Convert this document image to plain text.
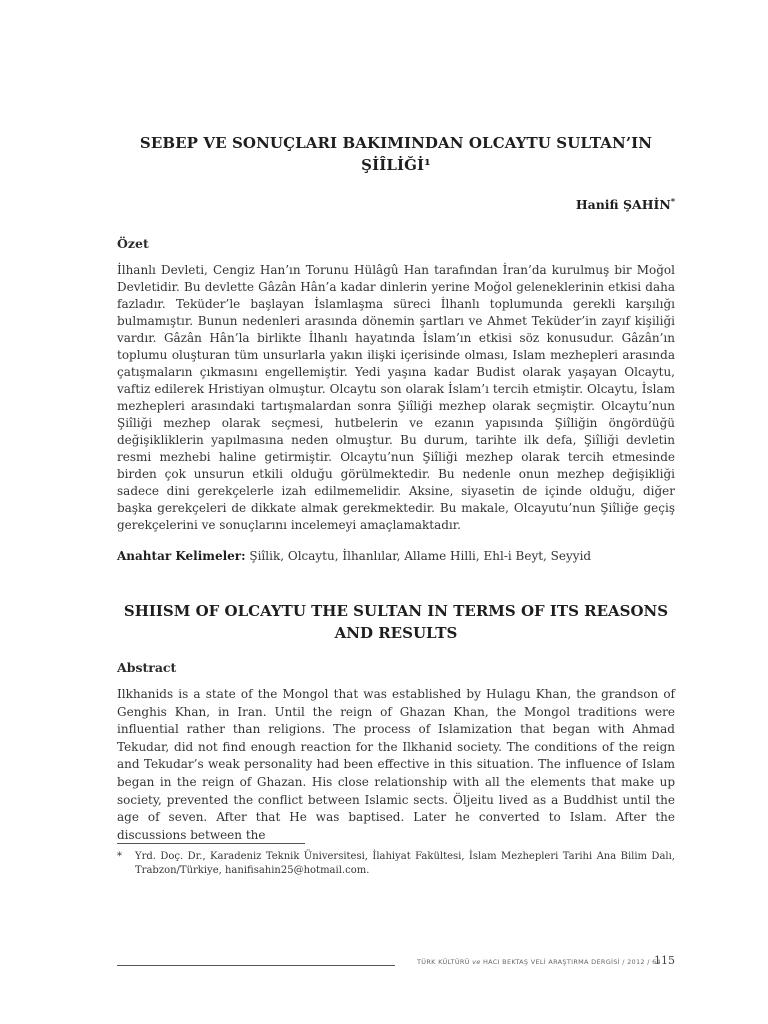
SEBEP VE SONUÇLARI BAKIMINDAN OLCAYTU SULTAN’IN
ŞİÎLİĞİ¹
Hanifi ŞAHİN*
Özet
İlhanlı Devleti, Cengiz Han’ın Torunu Hülâgû Han tarafından İran’da kurulmuş bir Moğol Devletidir. Bu devlette Gâzân Hân’a kadar dinlerin yerine Moğol geleneklerinin etkisi daha fazladır. Teküder’le başlayan İslamlaşma süreci İlhanlı toplumunda gerekli karşılığı bulmamıştır. Bunun nedenleri arasında dönemin şartları ve Ahmet Teküder’in zayıf kişiliği vardır. Gâzân Hân’la birlikte İlhanlı hayatında İslam’ın etkisi söz konusudur. Gâzân’ın toplumu oluşturan tüm unsurlarla yakın ilişki içerisinde olması, Islam mezhepleri arasında çatışmaların çıkmasını engellemiştir. Yedi yaşına kadar Budist olarak yaşayan Olcaytu, vaftiz edilerek Hristiyan olmuştur. Olcaytu son olarak İslam’ı tercih etmiştir. Olcaytu, İslam mezhepleri arasındaki tartışmalardan sonra Şiîliği mezhep olarak seçmiştir. Olcaytu’nun Şiîliği mezhep olarak seçmesi, hutbelerin ve ezanın yapısında Şiîliğin öngördüğü değişikliklerin yapılmasına neden olmuştur. Bu durum, tarihte ilk defa, Şiîliği devletin resmi mezhebi haline getirmiştir. Olcaytu’nun Şiîliği mezhep olarak tercih etmesinde birden çok unsurun etkili olduğu görülmektedir. Bu nedenle onun mezhep değişikliği sadece dini gerekçelerle izah edilmemelidir. Aksine, siyasetin de içinde olduğu, diğer başka gerekçeleri de dikkate almak gerekmektedir. Bu makale, Olcayutu’nun Şiîliğe geçiş gerekçelerini ve sonuçlarını incelemeyi amaçlamaktadır.
Anahtar Kelimeler: Şiîlik, Olcaytu, İlhanlılar, Allame Hilli, Ehl-i Beyt, Seyyid
SHIISM OF OLCAYTU THE SULTAN IN TERMS OF ITS REASONS
AND RESULTS
Abstract
Ilkhanids is a state of the Mongol that was established by Hulagu Khan, the grandson of Genghis Khan, in Iran. Until the reign of Ghazan Khan, the Mongol traditions were influential rather than religions. The process of Islamization that began with Ahmad Tekudar, did not find enough reaction for the Ilkhanid society. The conditions of the reign and Tekudar’s weak personality had been effective in this situation. The influence of Islam began in the reign of Ghazan. His close relationship with all the elements that make up society, prevented the conflict between Islamic sects. Öljeitu lived as a Buddhist until the age of seven. After that He was baptised. Later he converted to Islam. After the discussions between the
* Yrd. Doç. Dr., Karadeniz Teknik Üniversitesi, İlahiyat Fakültesi, İslam Mezhepleri Tarihi Ana Bilim Dalı, Trabzon/Türkiye, hanifisahin25@hotmail.com.
TÜRK KÜLTÜRÜ ve HACI BEKTAŞ VELİ ARAŞTIRMA DERGİSİ / 2012 / 64
115
